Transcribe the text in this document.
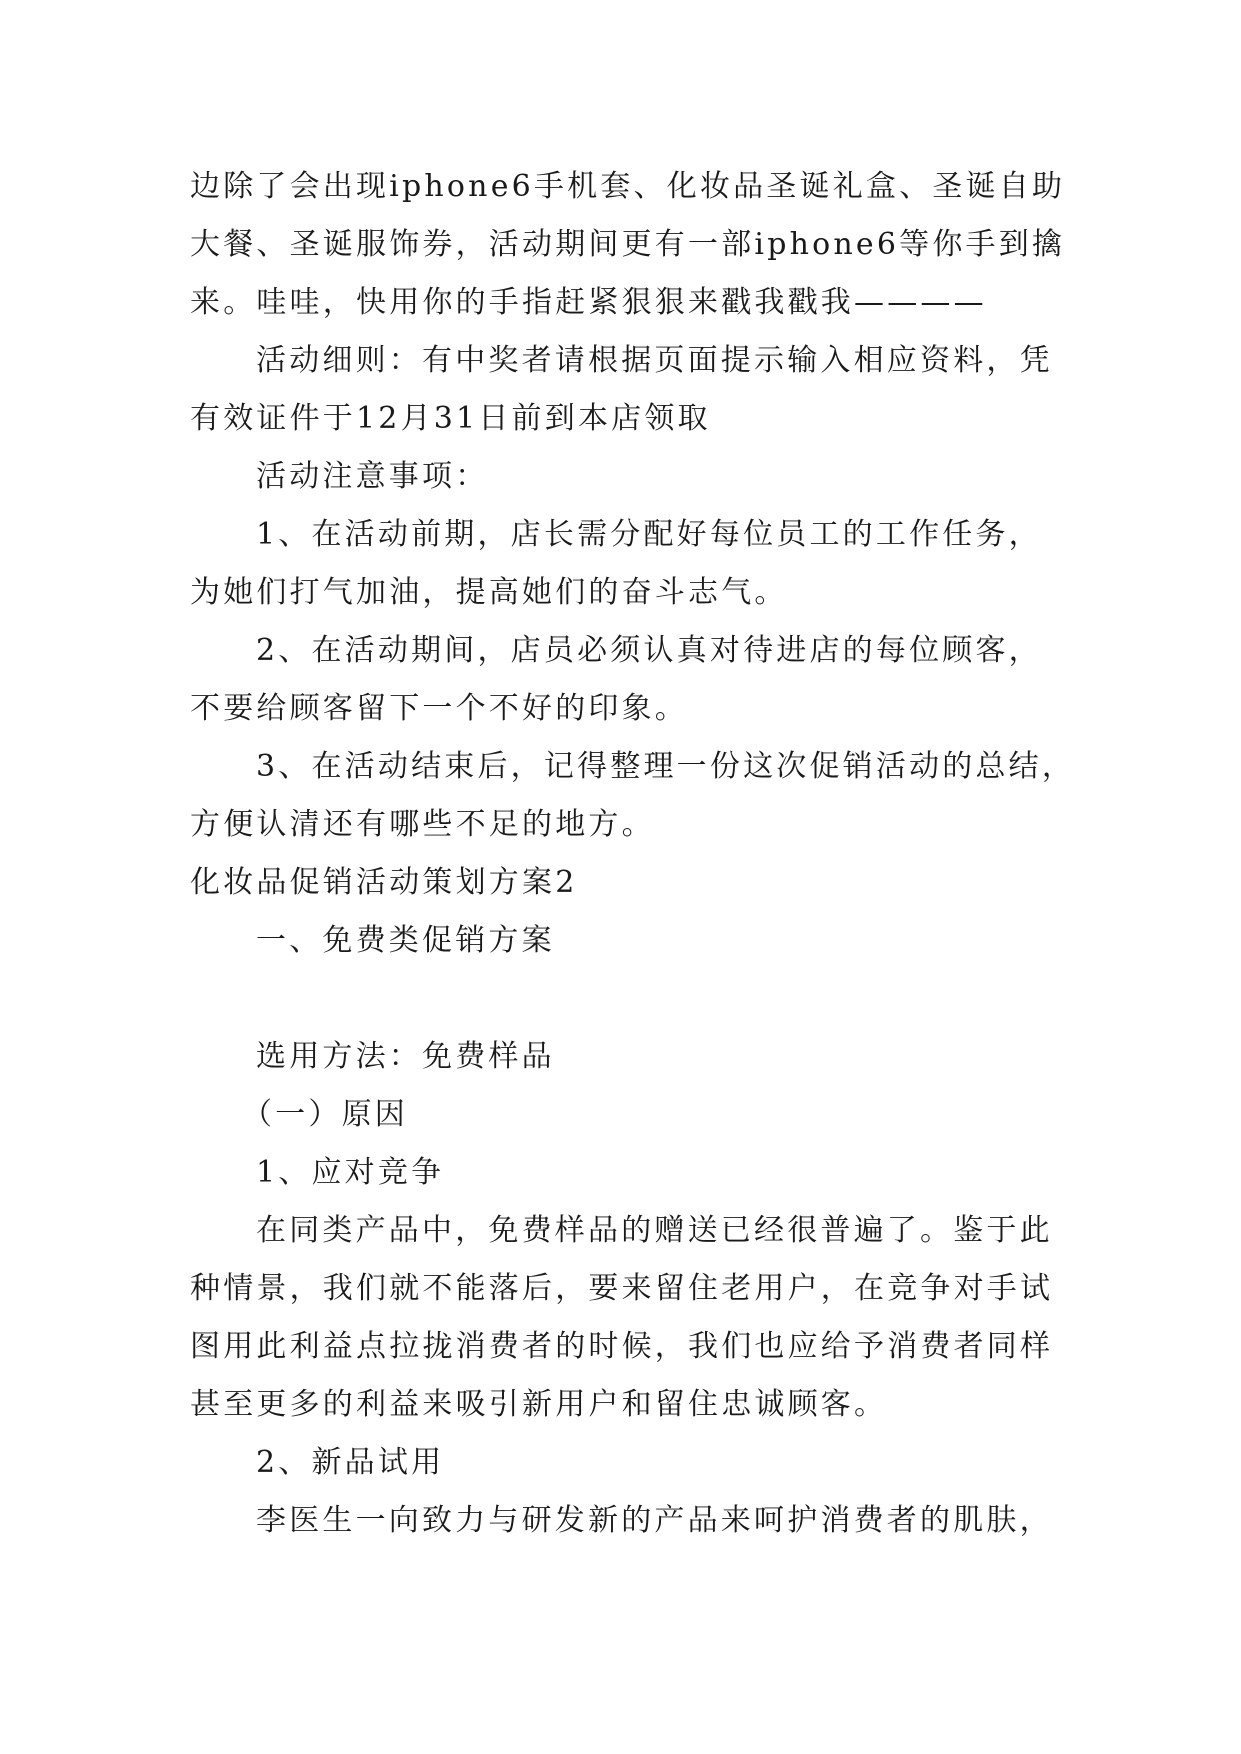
边除了会出现iphone6手机套、化妆品圣诞礼盒、圣诞自助

大餐、圣诞服饰券，活动期间更有一部iphone6等你手到擒

来。哇哇，快用你的手指赶紧狠狠来戳我戳我————

活动细则：有中奖者请根据页面提示输入相应资料，凭

有效证件于12月31日前到本店领取

活动注意事项：

1、在活动前期，店长需分配好每位员工的工作任务，

为她们打气加油，提高她们的奋斗志气。

2、在活动期间，店员必须认真对待进店的每位顾客，

不要给顾客留下一个不好的印象。

3、在活动结束后，记得整理一份这次促销活动的总结，

方便认清还有哪些不足的地方。

化妆品促销活动策划方案2

一、免费类促销方案

选用方法：免费样品

（一）原因

1、应对竞争

在同类产品中，免费样品的赠送已经很普遍了。鉴于此

种情景，我们就不能落后，要来留住老用户，在竞争对手试

图用此利益点拉拢消费者的时候，我们也应给予消费者同样

甚至更多的利益来吸引新用户和留住忠诚顾客。

2、新品试用

李医生一向致力与研发新的产品来呵护消费者的肌肤，
